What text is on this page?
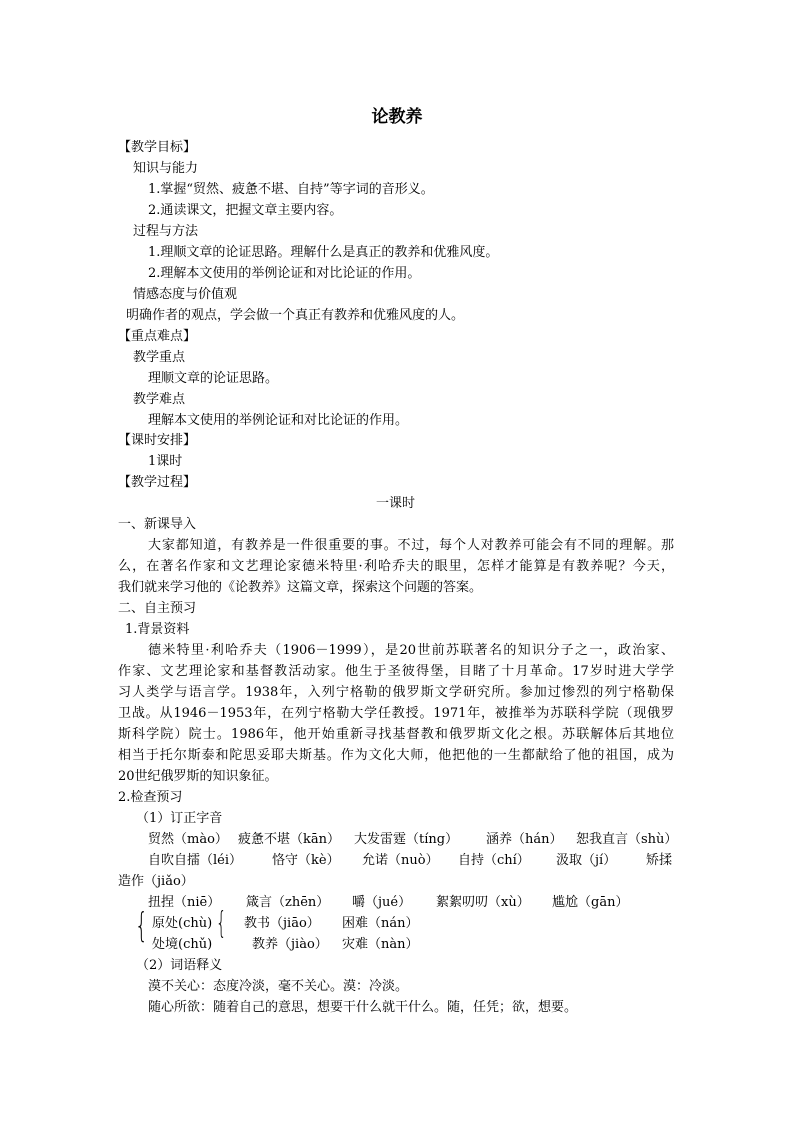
论教养
【教学目标】
知识与能力
1.掌握“贸然、疲惫不堪、自持”等字词的音形义。
2.通读课文，把握文章主要内容。
过程与方法
1.理顺文章的论证思路。理解什么是真正的教养和优雅风度。
2.理解本文使用的举例论证和对比论证的作用。
情感态度与价值观
明确作者的观点，学会做一个真正有教养和优雅风度的人。
【重点难点】
教学重点
理顺文章的论证思路。
教学难点
理解本文使用的举例论证和对比论证的作用。
【课时安排】
1课时
【教学过程】
一课时
一、新课导入
大家都知道，有教养是一件很重要的事。不过，每个人对教养可能会有不同的理解。那
么，在著名作家和文艺理论家德米特里·利哈乔夫的眼里，怎样才能算是有教养呢？今天，
我们就来学习他的《论教养》这篇文章，探索这个问题的答案。
二、自主预习
1.背景资料
德米特里·利哈乔夫（1906－1999），是20世前苏联著名的知识分子之一，政治家、
作家、文艺理论家和基督教活动家。他生于圣彼得堡，目睹了十月革命。17岁时进大学学
习人类学与语言学。1938年，入列宁格勒的俄罗斯文学研究所。参加过惨烈的列宁格勒保
卫战。从1946－1953年，在列宁格勒大学任教授。1971年，被推举为苏联科学院（现俄罗
斯科学院）院士。1986年，他开始重新寻找基督教和俄罗斯文化之根。苏联解体后其地位
相当于托尔斯泰和陀思妥耶夫斯基。作为文化大师，他把他的一生都献给了他的祖国，成为
20世纪俄罗斯的知识象征。
2.检查预习
（1）订正字音
贸然（mào） 疲惫不堪（kān） 大发雷霆（tíng） 涵养（hán） 恕我直言（shù）
自吹自擂（léi） 恪守（kè） 允诺（nuò） 自持（chí） 汲取（jí） 矫揉
造作（jiǎo）
扭捏（niē） 箴言（zhēn） 嚼（jué） 絮絮叨叨（xù） 尴尬（gān）
{ 原处(chù)
处境(chǔ)
{ 教书（jiāo）
教养（jiào）
困难（nán）
灾难（nàn）
（2）词语释义
漠不关心：态度冷淡，毫不关心。漠：冷淡。
随心所欲：随着自己的意思，想要干什么就干什么。随，任凭；欲，想要。
